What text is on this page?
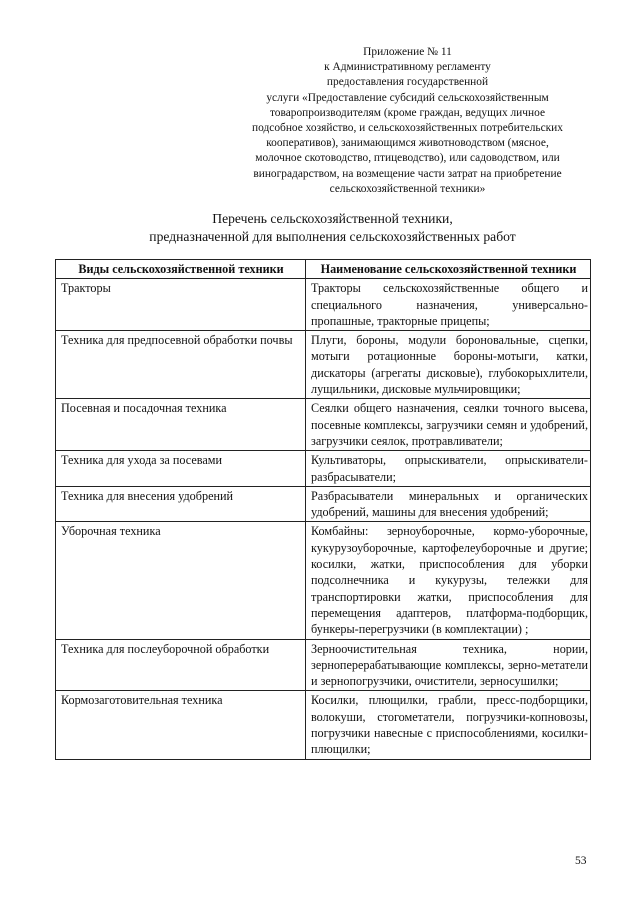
Приложение № 11
к Административному регламенту
предоставления государственной
услуги «Предоставление субсидий сельскохозяйственным
товаропроизводителям (кроме граждан, ведущих личное
подсобное хозяйство, и сельскохозяйственных потребительских
кооперативов), занимающимся животноводством (мясное,
молочное скотоводство, птицеводство), или садоводством, или
виноградарством, на возмещение части затрат на приобретение
сельскохозяйственной техники»
Перечень сельскохозяйственной техники,
предназначенной для выполнения сельскохозяйственных работ
Виды сельскохозяйственной техники	Наименование сельскохозяйственной техники
Тракторы	Тракторы сельскохозяйственные общего и специального назначения, универсально-пропашные, тракторные прицепы;
Техника для предпосевной обработки почвы	Плуги, бороны, модули бороновальные, сцепки, мотыги ротационные бороны-мотыги, катки, дискаторы (агрегаты дисковые), глубокорыхлители, лущильники, дисковые мульчировщики;
Посевная и посадочная техника	Сеялки общего назначения, сеялки точного высева, посевные комплексы, загрузчики семян и удобрений, загрузчики сеялок, протравливатели;
Техника для ухода за посевами	Культиваторы, опрыскиватели, опрыскиватели-разбрасыватели;
Техника для внесения удобрений	Разбрасыватели минеральных и органических удобрений, машины для внесения удобрений;
Уборочная техника	Комбайны: зерноуборочные, кормо-уборочные, кукурузоуборочные, картофелеуборочные и другие; косилки, жатки, приспособления для уборки подсолнечника и кукурузы, тележки для транспортировки жатки, приспособления для перемещения адаптеров, платформа-подборщик, бункеры-перегрузчики (в комплектации) ;
Техника для послеуборочной обработки	Зерноочистительная техника, нории, зерноперерабатывающие комплексы, зерно-метатели и зернопогрузчики, очистители, зерносушилки;
Кормозаготовительная техника	Косилки, плющилки, грабли, пресс-подборщики, волокуши, стогометатели, погрузчики-копновозы, погрузчики навесные с приспособлениями, косилки-плющилки;
53
